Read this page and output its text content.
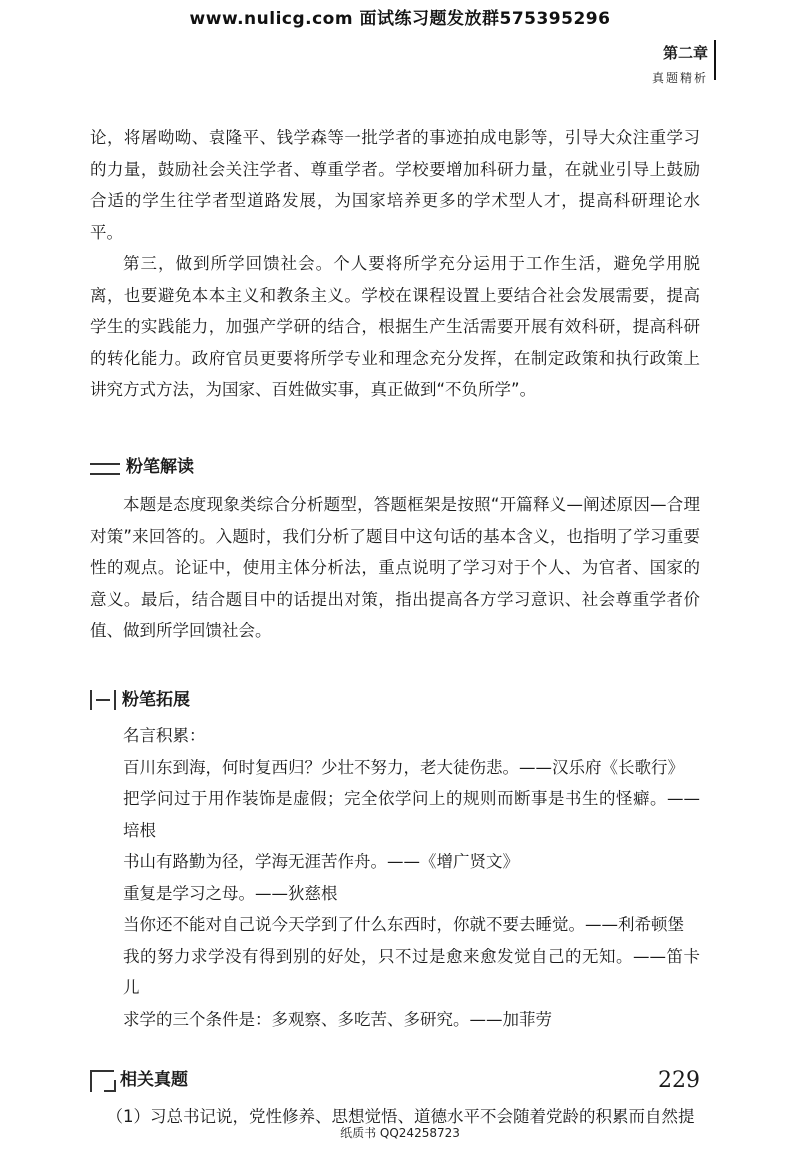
www.nulicg.com 面试练习题发放群575395296
第二章
真题精析

论，将屠呦呦、袁隆平、钱学森等一批学者的事迹拍成电影等，引导大众注重学习的力量，鼓励社会关注学者、尊重学者。学校要增加科研力量，在就业引导上鼓励合适的学生往学者型道路发展，为国家培养更多的学术型人才，提高科研理论水平。

第三，做到所学回馈社会。个人要将所学充分运用于工作生活，避免学用脱离，也要避免本本主义和教条主义。学校在课程设置上要结合社会发展需要，提高学生的实践能力，加强产学研的结合，根据生产生活需要开展有效科研，提高科研的转化能力。政府官员更要将所学专业和理念充分发挥，在制定政策和执行政策上讲究方式方法，为国家、百姓做实事，真正做到“不负所学”。

粉笔解读

本题是态度现象类综合分析题型，答题框架是按照“开篇释义—阐述原因—合理对策”来回答的。入题时，我们分析了题目中这句话的基本含义，也指明了学习重要性的观点。论证中，使用主体分析法，重点说明了学习对于个人、为官者、国家的意义。最后，结合题目中的话提出对策，指出提高各方学习意识、社会尊重学者价值、做到所学回馈社会。

粉笔拓展

名言积累：

百川东到海，何时复西归？少壮不努力，老大徒伤悲。——汉乐府《长歌行》

把学问过于用作装饰是虚假；完全依学问上的规则而断事是书生的怪癖。——培根

书山有路勤为径，学海无涯苦作舟。——《增广贤文》

重复是学习之母。——狄慈根

当你还不能对自己说今天学到了什么东西时，你就不要去睡觉。——利希顿堡

我的努力求学没有得到别的好处，只不过是愈来愈发觉自己的无知。——笛卡儿

求学的三个条件是：多观察、多吃苦、多研究。——加菲劳

相关真题

（1）习总书记说，党性修养、思想觉悟、道德水平不会随着党龄的积累而自然提

229
纸质书 QQ24258723
